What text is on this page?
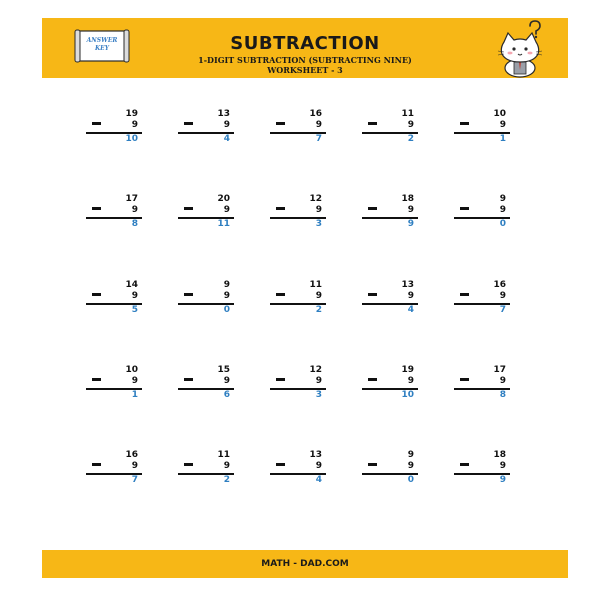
ANSWER
KEY	SUBTRACTION
1-DIGIT SUBTRACTION (SUBTRACTING NINE)
WORKSHEET - 3
19
9
10
13
9
4
16
9
7
11
9
2
10
9
1
17
9
8
20
9
11
12
9
3
18
9
9
9
9
0
14
9
5
9
9
0
11
9
2
13
9
4
16
9
7
10
9
1
15
9
6
12
9
3
19
9
10
17
9
8
16
9
7
11
9
2
13
9
4
9
9
0
18
9
9
MATH - DAD.COM
